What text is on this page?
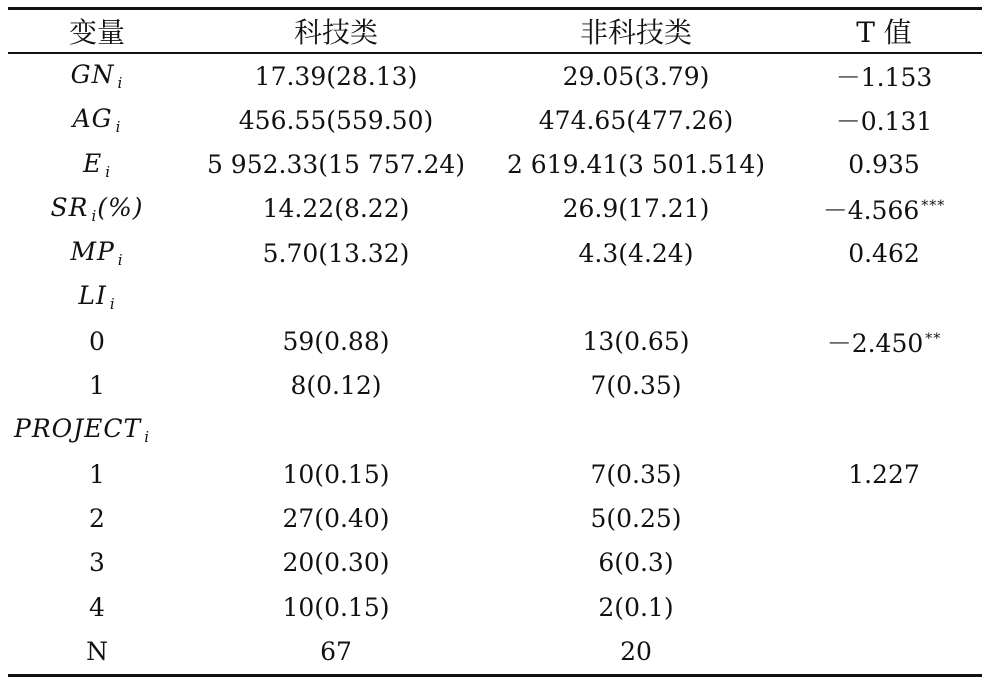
变量	科技类	非科技类	T 值
GN $_i$	17.39(28.13)	29.05(3.79)	－1.153
AG $_i$	456.55(559.50)	474.65(477.26)	－0.131
E $_i$	5 952.33(15 757.24)	2 619.41(3 501.514)	0.935
SR $_i$(%)	14.22(8.22)	26.9(17.21)	－4.566 ***
MP $_i$	5.70(13.32)	4.3(4.24)	0.462
LI $_i$			
0	59(0.88)	13(0.65)	－2.450 **
1	8(0.12)	7(0.35)	
PROJECT $_i$			
1	10(0.15)	7(0.35)	1.227
2	27(0.40)	5(0.25)	
3	20(0.30)	6(0.3)	
4	10(0.15)	2(0.1)	
N	67	20	
